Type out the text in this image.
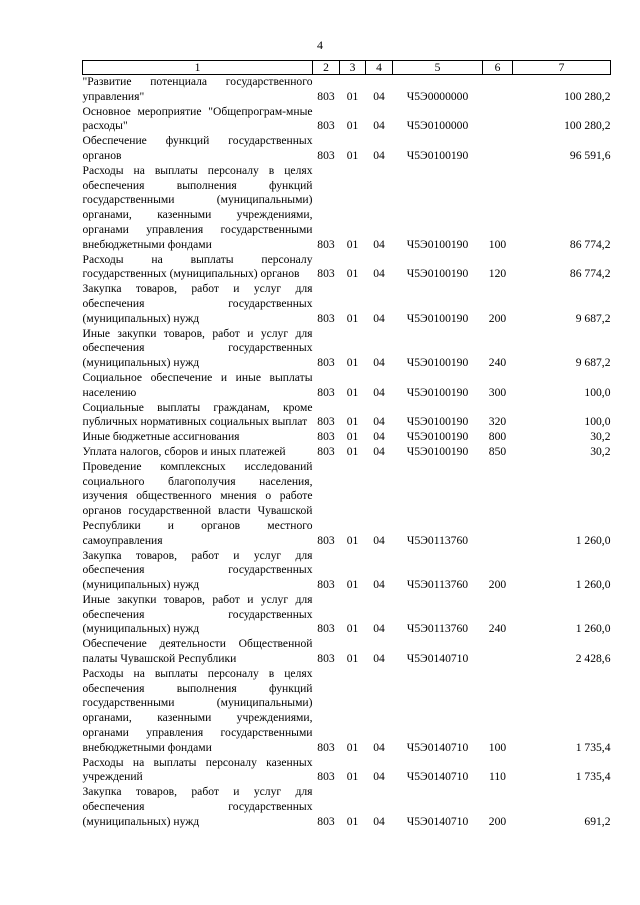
4
1	2	3	4	5	6	7
"Развитие потенциала государственного управления"	803	01	04	Ч5Э0000000		100 280,2
Основное мероприятие "Общепрограм-мные расходы"	803	01	04	Ч5Э0100000		100 280,2
Обеспечение функций государственных органов	803	01	04	Ч5Э0100190		96 591,6
Расходы на выплаты персоналу в целях обеспечения выполнения функций государственными (муниципальными) органами, казенными учреждениями, органами управления государственными внебюджетными фондами	803	01	04	Ч5Э0100190	100	86 774,2
Расходы на выплаты персоналу государственных (муниципальных) органов	803	01	04	Ч5Э0100190	120	86 774,2
Закупка товаров, работ и услуг для обеспечения государственных (муниципальных) нужд	803	01	04	Ч5Э0100190	200	9 687,2
Иные закупки товаров, работ и услуг для обеспечения государственных (муниципальных) нужд	803	01	04	Ч5Э0100190	240	9 687,2
Социальное обеспечение и иные выплаты населению	803	01	04	Ч5Э0100190	300	100,0
Социальные выплаты гражданам, кроме публичных нормативных социальных выплат	803	01	04	Ч5Э0100190	320	100,0
Иные бюджетные ассигнования	803	01	04	Ч5Э0100190	800	30,2
Уплата налогов, сборов и иных платежей	803	01	04	Ч5Э0100190	850	30,2
Проведение комплексных исследований социального благополучия населения, изучения общественного мнения о работе органов государственной власти Чувашской Республики и органов местного самоуправления	803	01	04	Ч5Э0113760		1 260,0
Закупка товаров, работ и услуг для обеспечения государственных (муниципальных) нужд	803	01	04	Ч5Э0113760	200	1 260,0
Иные закупки товаров, работ и услуг для обеспечения государственных (муниципальных) нужд	803	01	04	Ч5Э0113760	240	1 260,0
Обеспечение деятельности Общественной палаты Чувашской Республики	803	01	04	Ч5Э0140710		2 428,6
Расходы на выплаты персоналу в целях обеспечения выполнения функций государственными (муниципальными) органами, казенными учреждениями, органами управления государственными внебюджетными фондами	803	01	04	Ч5Э0140710	100	1 735,4
Расходы на выплаты персоналу казенных учреждений	803	01	04	Ч5Э0140710	110	1 735,4
Закупка товаров, работ и услуг для обеспечения государственных (муниципальных) нужд	803	01	04	Ч5Э0140710	200	691,2
